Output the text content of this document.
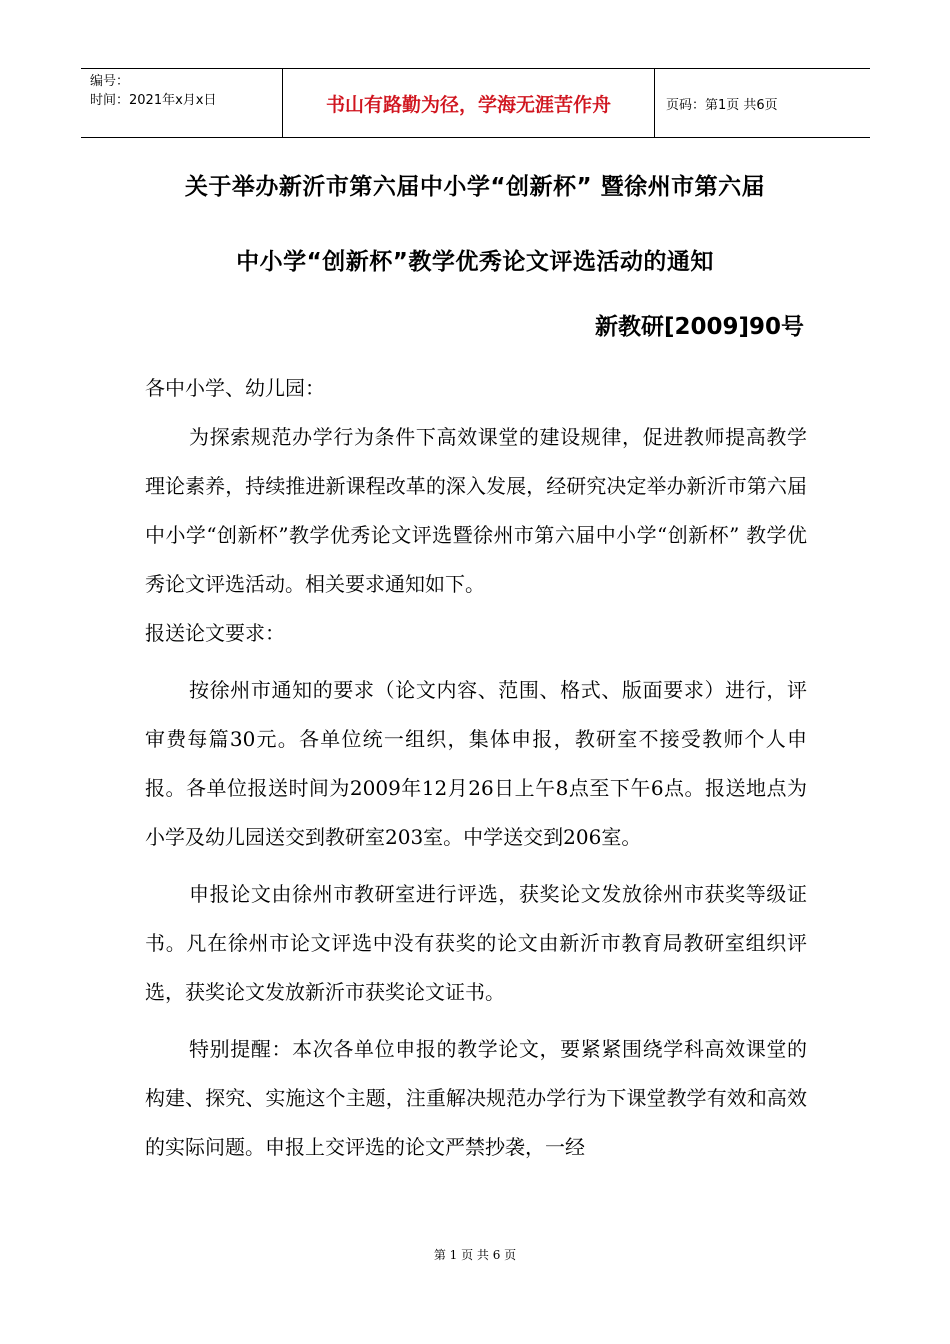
编号：
时间：2021年x月x日	书山有路勤为径，学海无涯苦作舟	页码：第1页 共6页
关于举办新沂市第六届中小学“创新杯” 暨徐州市第六届
中小学“创新杯”教学优秀论文评选活动的通知
新教研[2009]90号

各中小学、幼儿园：

为探索规范办学行为条件下高效课堂的建设规律，促进教师提高教学理论素养，持续推进新课程改革的深入发展，经研究决定举办新沂市第六届中小学“创新杯”教学优秀论文评选暨徐州市第六届中小学“创新杯” 教学优秀论文评选活动。相关要求通知如下。

报送论文要求：

按徐州市通知的要求（论文内容、范围、格式、版面要求）进行，评审费每篇30元。各单位统一组织，集体申报，教研室不接受教师个人申报。各单位报送时间为2009年12月26日上午8点至下午6点。报送地点为小学及幼儿园送交到教研室203室。中学送交到206室。

申报论文由徐州市教研室进行评选，获奖论文发放徐州市获奖等级证书。凡在徐州市论文评选中没有获奖的论文由新沂市教育局教研室组织评选，获奖论文发放新沂市获奖论文证书。

特别提醒：本次各单位申报的教学论文，要紧紧围绕学科高效课堂的构建、探究、实施这个主题，注重解决规范办学行为下课堂教学有效和高效的实际问题。申报上交评选的论文严禁抄袭，一经

第 1 页 共 6 页
